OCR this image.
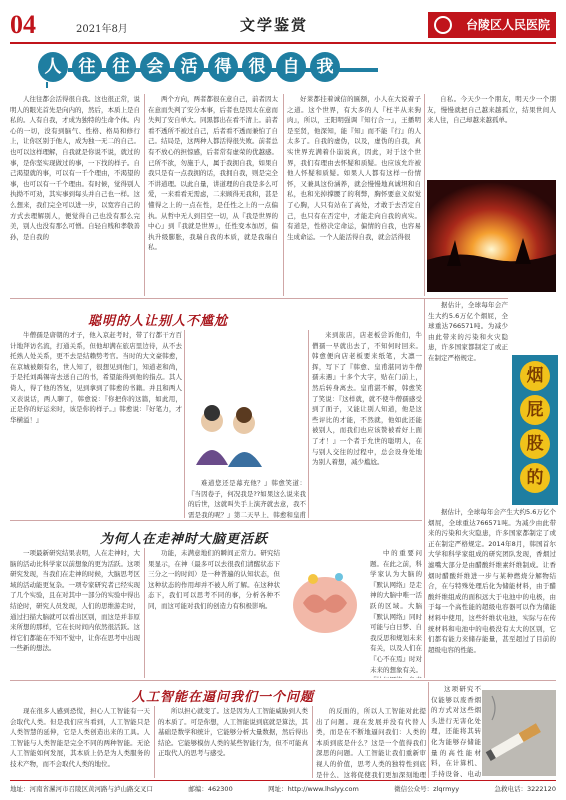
04	2021年8月	文学鉴赏	台陵区人民医院
人	往	往	会	活	得	很	自	我

人往往都会活得很自我。这也很正常，说明人的眼光首先是向内的，然后，本质上是自私的。人有自我，才成为独特的生命个体。内心的一切，没有到脑气、性格、格局和修行上，让你区别于他人，成为独一无二的自己。也可以这样理解，自我就是你说不说，就过的事，是你坚实现做过的事，一下找的样子。自己渴望就的事，可以有一千个理由，不渴望的事，也可以有一千个理由。有时候，觉得别人执拗不可劝，其实事到每头并自己也一样。这么想来，我们完全可以进一步，以宽容自己的方式去理解别人，便觉得自己也没有那么完美，别人也没有那么可憎。自轻自贱和孝敬善孙，是自我的

两个方向，两者都很在意自己，前者因太在意而失判了安分本事，后者也是因太在意而失判了安自单大。同黑都出在看不清上。前者看不透所不被过自己，后者看不透而兼怕了自己。结局是，这两种人都活得很失败。前者总有不放心的担惊感，后者常有虚荣的优越感。已所不欲，勿施于人，属于我拥自我，如果自我只是有一点我拥的话，我拥自我，则是完全不讲道理。以此自量，讲道理的自我是多么可爱，一来看看无需虑，二来顾得无我和，甚是懂得之上的一点在性，是任性之上的一点偏执。从哲中无人到目空一切，从『我是世界的中心』到『我就是世界』，任性变本加厉，偏执升级膨胀，我瑞自我的本质，就是我瑞自私。

好莱都挂着诚信的匾额，小人在大说着子之道。这个世界，有大多的人『枉半从来狗肉』，所以，王阳明强调『知行合一』，王播明是至贤，他深知，能『知』而不能『行』的人太多了。自我的虚伪，以及，虚伪的自我，真实世界充满着仆崩说真，因此，对于这个世界，我们有理由去怀疑和质疑。也应该允许被他人怀疑和质疑。如果人人都有这样一份情怀，又兼具这份涵养，就会慢慢地真诚坦和自私，也和光掉撑腰了的利弊，胸怀要意义似觉了心胸，人只有站在了高处，才敢于去否定自己，也只有在否定中，才能走向自我的真实。有道是，性格决定命运，偏情的自我，也容易生成命运。一个人能活得自我，就会活得很

自私。今天少一个朋友，明天少一个朋友，慢慢就把自己越来越孤立，结果世间人来人往，自己却越来越孤单。

聪明的人让别人不尴尬

牛僧孺是唐朝的才子，他入京赶考时，带了行都干方百计地拜访名流，打通关系，但他却满在旅店里边待，从不去托熟人处关系，更不去是结赖势考官。当时的大文豪韩愈，在京城被颇有名，世人知了，很想见到他门，知道老和尚，于是托刘禹锡寄去送自己的书，希望能得到他的指点。其人倚人，得了他的答复，见到拿到了韩愈的书籍。并且和两人又表说话，两人聊了，韩愈说：『你把你的这篇，如此用，正是你的好运来时，该是你的样子。』韩愈说：『好笔力，才华横溢！』

难道您还是幕充他？』韩愈笑道：『当因卷子，何况我是??如果这么说来我的后世，这就叫失手上演齐就去意，我不需是我的呢？』第二天早上，韩愈和皇甫

来到旅店，店老板尝诉他们，牛僧孺一早就出去了，不知何时回来。韩愈便向店老板要来纸笔，大凛一挥，写下了『韩愈、皇甫湛同访牛僧孺未遇』十多个大字，贴在门前上，然后转身离去。皇甫湛不解，韩愈笑了笑说：『这样就，就不使牛僧孺感受到了面子，又能让别人知道，他是这些评比的才能，不然就，他如此还能被别人，而我们也应该赞被看好上面了才！』一个者于允世的聪明人，在与别人交往的过程中，总会设身处地为别人着想，减少尴尬。

烟
屁
股
的

据估计，全球每年会产生大约5.6万亿个烟屁，全球重达766571吨。为减少由此带来的污染和火灾隐患，许多国家都制定了或正在制定严格规定。

据估计，全球每年会产生大约5.6万亿个烟屁，全球重达766571吨。为减少由此带来的污染和火灾隐患，许多国家都制定了或正在制定严格规定。2014年8月，韩国首尔大学和科学家组成的研究团队发现，香烟过滤嘴大部分是由醋酸纤维素纤维制成。让香烟时醋酸纤维进一步与某种燃烧分解物结合，在与特殊处理后化为储能材料，由于醋酸纤维组成的面积远大于电池中的电极，由于每一个高性能的超级电容器可以作为储能材料中使用，这些纤维状电池，实际与在传统材料和电池中的电极没有太大的区别，它们都有能力来储存能量，甚至超过了目前的超级电容的性能。

为何人在走神时大脑更活跃

一项最新研究结果表明，人在走神时，大脑的活动比科学家以前想象的更为活跃。这项研究发现，当我们在走神的时候，大脑思考区域的活动能更复杂。一项专家研究者已经实现了几个实验，且在对其中一部分的实验中得出结论时，研究人员发现，人们的思维游走时，通过扫描大脑就可以看出区别，而这是并非原来所想的那样，它在长时间内依然很活跃。这样它们都能在不知不觉中，让你在思考中出现一些新的想法。

功能，未满意地们的瞬间正常力。研究结果显示，在神（最多可以去很我们清醒状态下三分之一的时间）是一种普遍的认知状态，但这种状态的作用却并不被人所了解。在这种状态下，我们可以思考不同的事，分析各种不同，而这可能对我们的创造力有积极影响。

中的重要问题。在此之前，科学家认为大脑的『默认网络』是走神的大脑中唯一活跃的区域。大脑『默认网络』同时可能与白日梦、自我反思和规划未来有关，以及人们在『心不在焉』时对未来的想象有关。

人工智能在逼问我们一个问题

现在很多人感到恐慌，担心人工智能有一天会取代人类。但是我们应当看到，人工智能只是人类智慧的延伸，它是人类创造出来的工具。人工智能与人类智能是完全不同的两种智能。无论人工智能如何发展，其本质上仍是为人类服务的技术产物，而不会取代人类的地位。

所以担心就变了。这是因为人工智能威胁到人类的本质了。可是你想，人工智能说到底就是算法，其基础是数学和统计，它能够分析大量数据，然后得出结论。它能够模仿人类的某些智能行为，但不可能真正取代人的思考与感受。

的反面的，所以人工智能对此提出了问题。现在发展并没有代替人类，而是在不断地逼问我们：人类的本质到底是什么？这是一个值得我们深思的问题。人工智能让我们重新审视人的价值，思考人类的独特性到底是什么，这将促使我们更加深刻地理

这项研究不仅能够以废香烟的方式对这些烟头进行无害化处理，还能将其转化为能够存储能量的高性能材料，在计算机、手持设备、电动

地址：河南省漯河市召陵区黄河路与泸山路交叉口	邮编：462300	网址：http://www.lhslyy.com	微信公众号：zlqrmyy	急救电话：3222120
